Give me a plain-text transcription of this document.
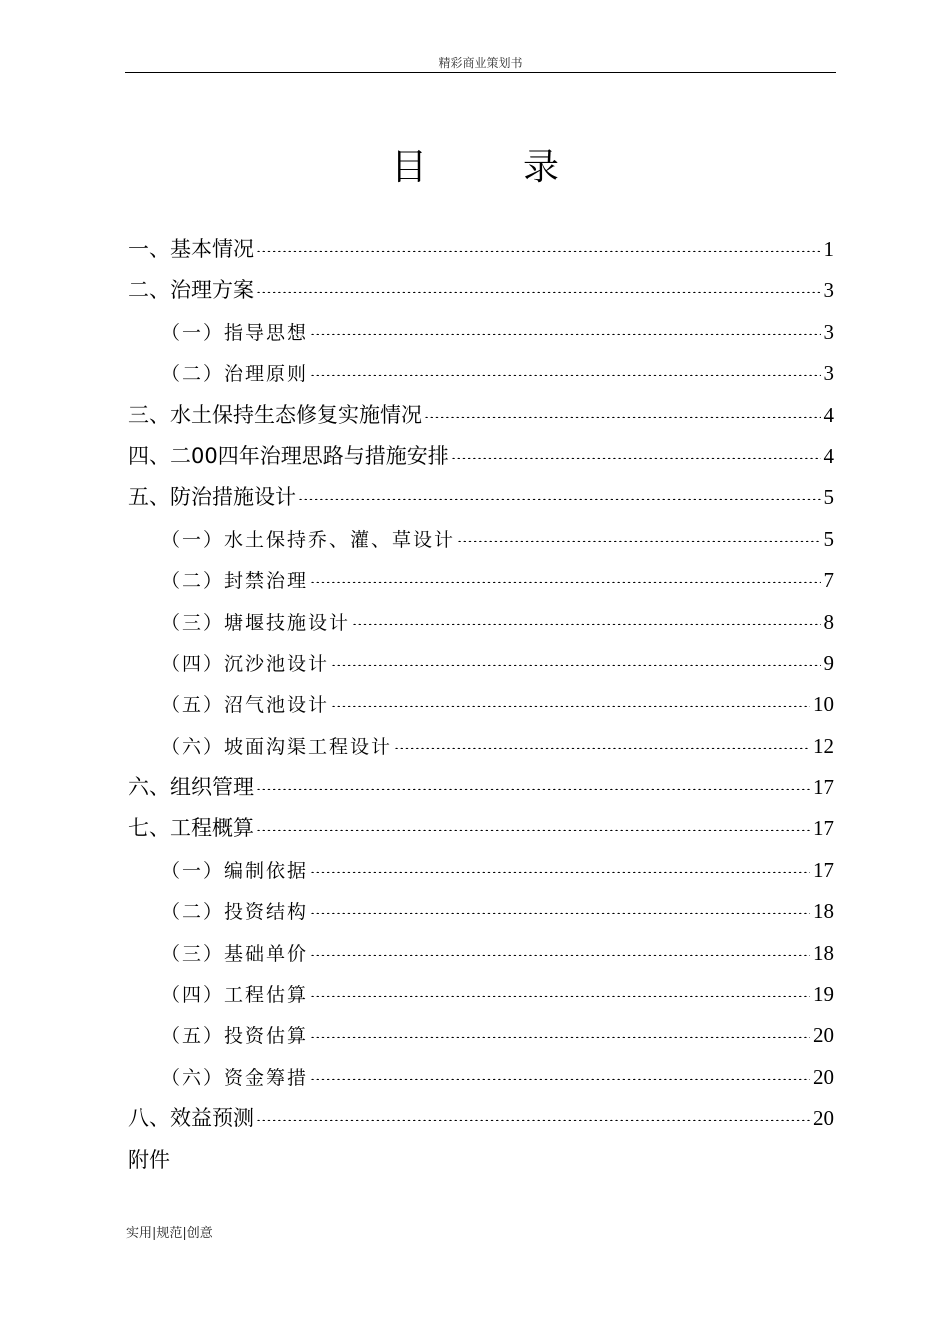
精彩商业策划书
目	录
一、基本情况	1
二、治理方案	3
（一）指导思想	3
（二）治理原则	3
三、水土保持生态修复实施情况	4
四、二00四年治理思路与措施安排	4
五、防治措施设计	5
（一）水土保持乔、灌、草设计	5
（二）封禁治理	7
（三）塘堰技施设计	8
（四）沉沙池设计	9
（五）沼气池设计	10
（六）坡面沟渠工程设计	12
六、组织管理	17
七、工程概算	17
（一）编制依据	17
（二）投资结构	18
（三）基础单价	18
（四）工程估算	19
（五）投资估算	20
（六）资金筹措	20
八、效益预测	20
附件
实用|规范|创意
